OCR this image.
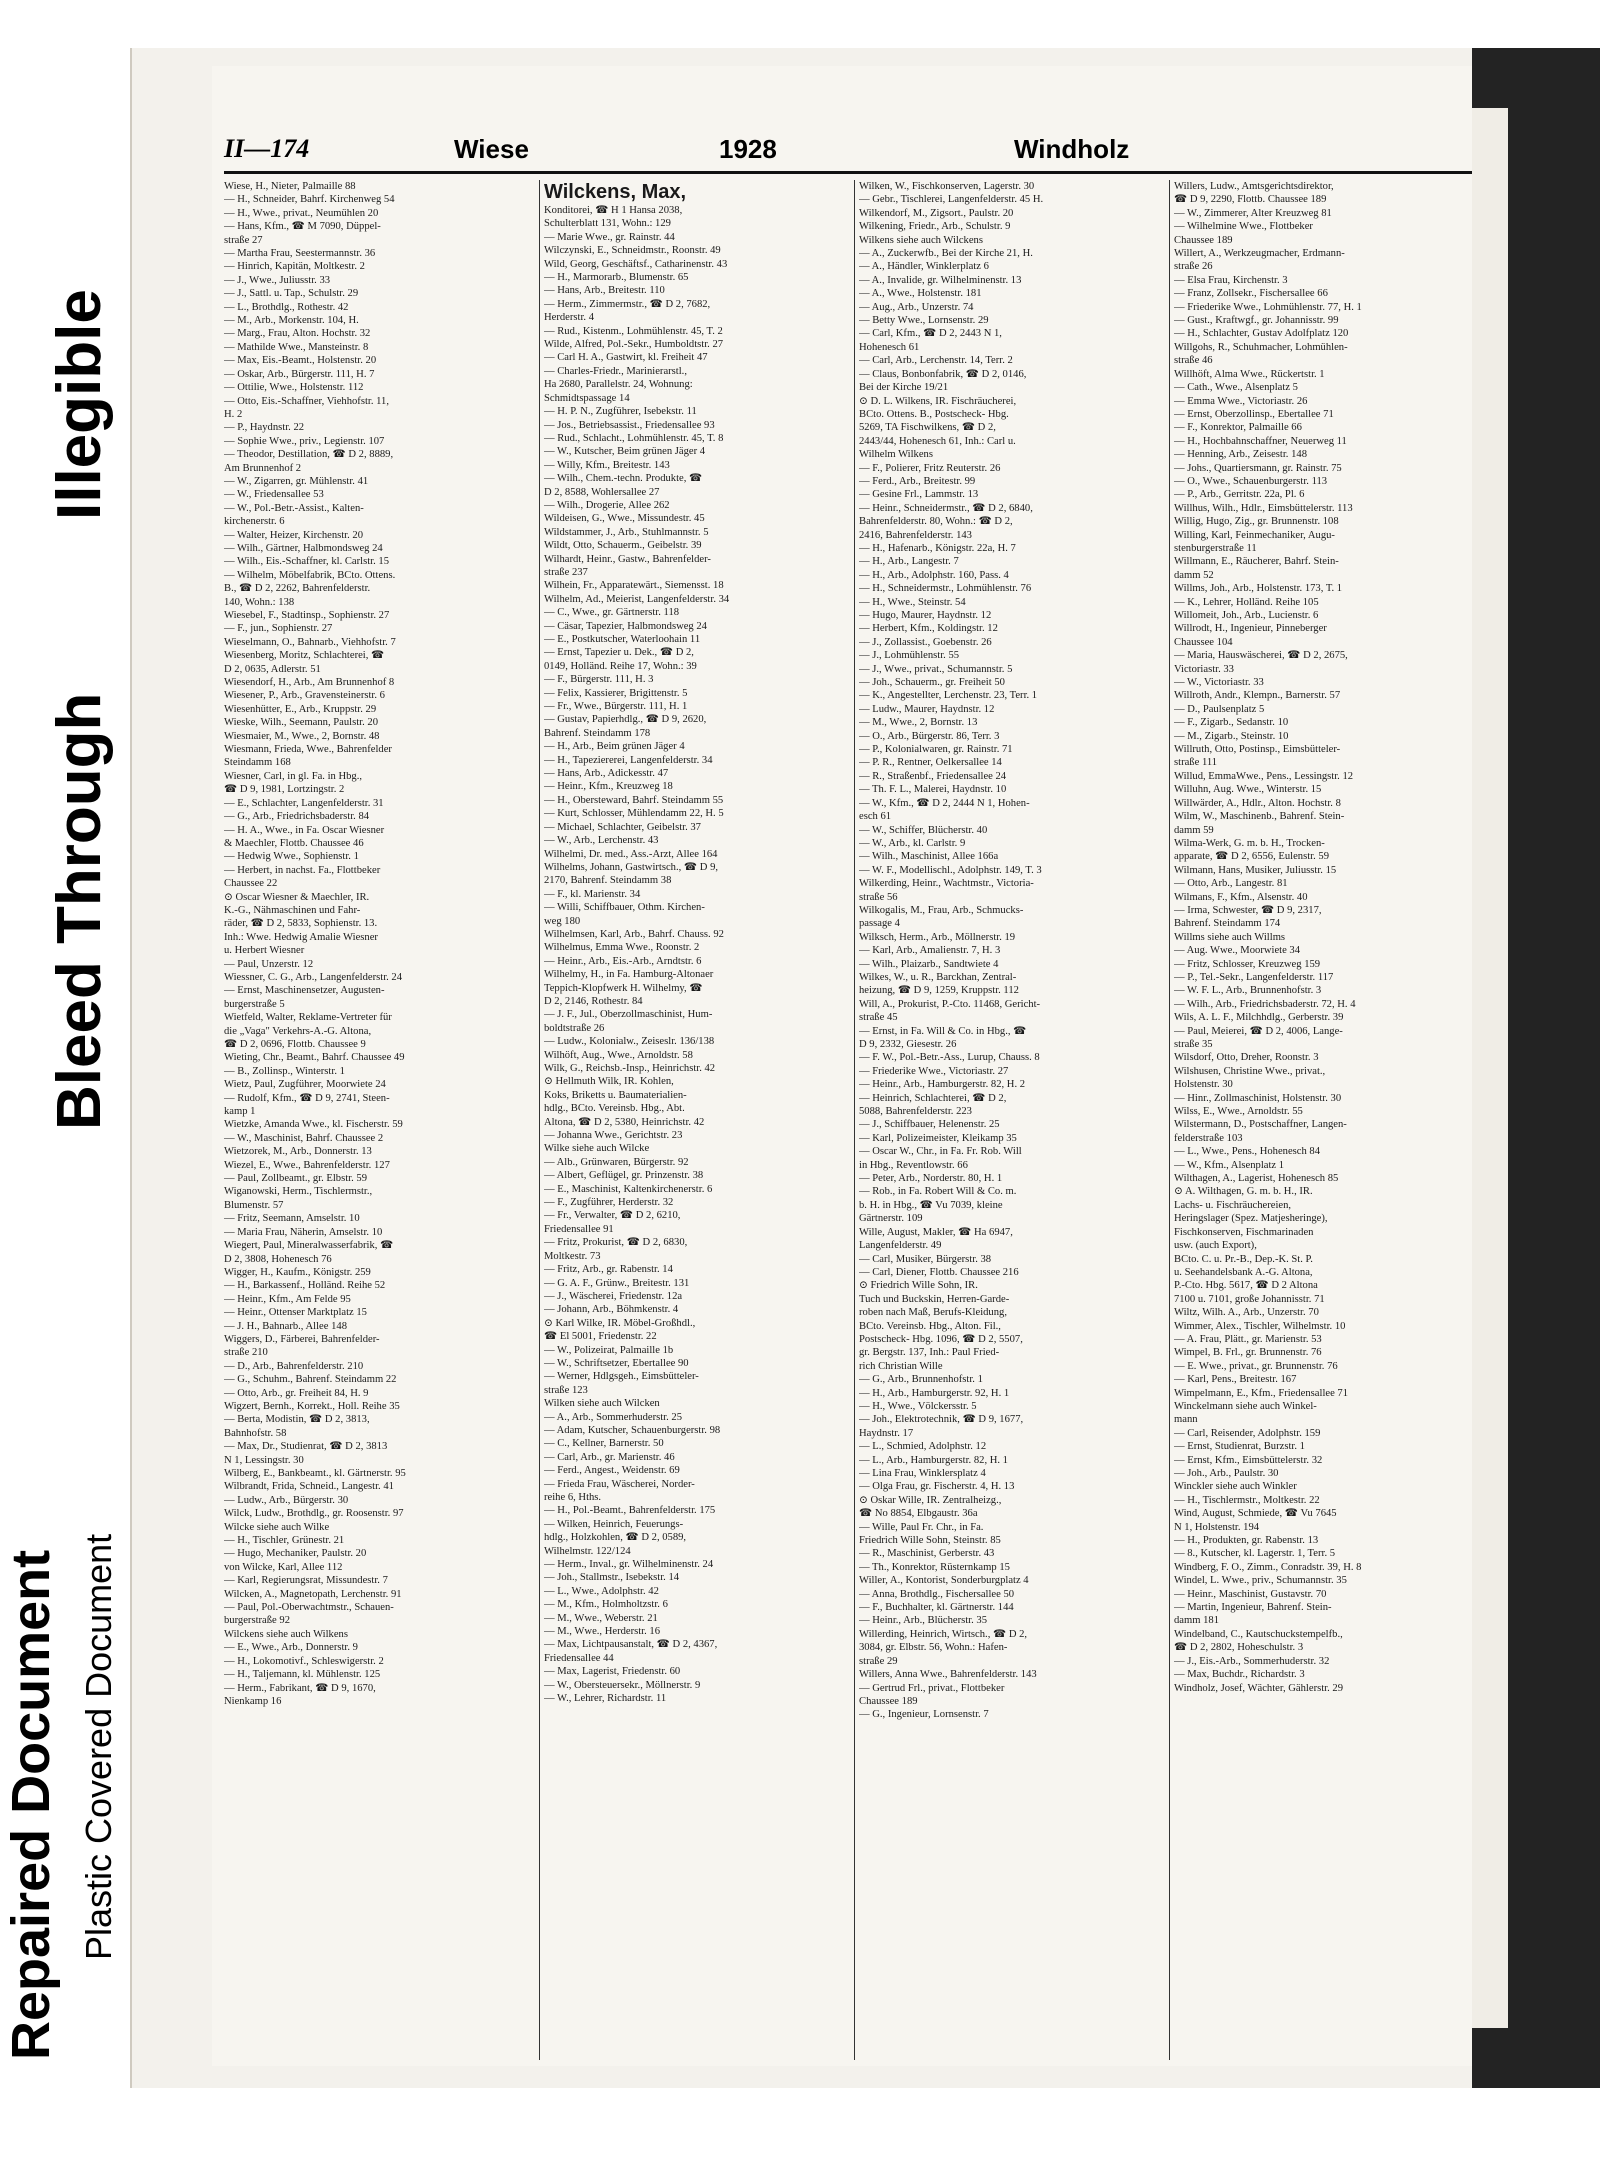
Repaired Document Plastic Covered Document
Bleed Through
Illegible
II—174	Wiese	1928	Windholz
Wiese, H., Nieter, Palmaille 88
— H., Schneider, Bahrf. Kirchenweg 54
— H., Wwe., privat., Neumühlen 20
— Hans, Kfm., ☎ M 7090, Düppel-
straße 27
— Martha Frau, Seestermannstr. 36
— Hinrich, Kapitän, Moltkestr. 2
— J., Wwe., Juliusstr. 33
— J., Sattl. u. Tap., Schulstr. 29
— L., Brothdlg., Rothestr. 42
— M., Arb., Morkenstr. 104, H.
— Marg., Frau, Alton. Hochstr. 32
— Mathilde Wwe., Mansteinstr. 8
— Max, Eis.-Beamt., Holstenstr. 20
— Oskar, Arb., Bürgerstr. 111, H. 7
— Ottilie, Wwe., Holstenstr. 112
— Otto, Eis.-Schaffner, Viehhofstr. 11,
H. 2
— P., Haydnstr. 22
— Sophie Wwe., priv., Legienstr. 107
— Theodor, Destillation, ☎ D 2, 8889,
Am Brunnenhof 2
— W., Zigarren, gr. Mühlenstr. 41
— W., Friedensallee 53
— W., Pol.-Betr.-Assist., Kalten-
kirchenerstr. 6
— Walter, Heizer, Kirchenstr. 20
— Wilh., Gärtner, Halbmondsweg 24
— Wilh., Eis.-Schaffner, kl. Carlstr. 15
— Wilhelm, Möbelfabrik, BCto. Ottens.
B., ☎ D 2, 2262, Bahrenfelderstr.
140, Wohn.: 138
Wiesebel, F., Stadtinsp., Sophienstr. 27
— F., jun., Sophienstr. 27
Wieselmann, O., Bahnarb., Viehhofstr. 7
Wiesenberg, Moritz, Schlachterei, ☎
D 2, 0635, Adlerstr. 51
Wiesendorf, H., Arb., Am Brunnenhof 8
Wiesener, P., Arb., Gravensteinerstr. 6
Wiesenhütter, E., Arb., Kruppstr. 29
Wieske, Wilh., Seemann, Paulstr. 20
Wiesmaier, M., Wwe., 2, Bornstr. 48
Wiesmann, Frieda, Wwe., Bahrenfelder
Steindamm 168
Wiesner, Carl, in gl. Fa. in Hbg.,
☎ D 9, 1981, Lortzingstr. 2
— E., Schlachter, Langenfelderstr. 31
— G., Arb., Friedrichsbaderstr. 84
— H. A., Wwe., in Fa. Oscar Wiesner
& Maechler, Flottb. Chaussee 46
— Hedwig Wwe., Sophienstr. 1
— Herbert, in nachst. Fa., Flottbeker
Chaussee 22
⊙ Oscar Wiesner & Maechler, IR.
K.-G., Nähmaschinen und Fahr-
räder, ☎ D 2, 5833, Sophienstr. 13.
Inh.: Wwe. Hedwig Amalie Wiesner
u. Herbert Wiesner
— Paul, Unzerstr. 12
Wiessner, C. G., Arb., Langenfelderstr. 24
— Ernst, Maschinensetzer, Augusten-
burgerstraße 5
Wietfeld, Walter, Reklame-Vertreter für
die „Vaga" Verkehrs-A.-G. Altona,
☎ D 2, 0696, Flottb. Chaussee 9
Wieting, Chr., Beamt., Bahrf. Chaussee 49
— B., Zollinsp., Winterstr. 1
Wietz, Paul, Zugführer, Moorwiete 24
— Rudolf, Kfm., ☎ D 9, 2741, Steen-
kamp 1
Wietzke, Amanda Wwe., kl. Fischerstr. 59
— W., Maschinist, Bahrf. Chaussee 2
Wietzorek, M., Arb., Donnerstr. 13
Wiezel, E., Wwe., Bahrenfelderstr. 127
— Paul, Zollbeamt., gr. Elbstr. 59
Wiganowski, Herm., Tischlermstr.,
Blumenstr. 57
— Fritz, Seemann, Amselstr. 10
— Maria Frau, Näherin, Amselstr. 10
Wiegert, Paul, Mineralwasserfabrik, ☎
D 2, 3808, Hohenesch 76
Wigger, H., Kaufm., Königstr. 259
— H., Barkassenf., Holländ. Reihe 52
— Heinr., Kfm., Am Felde 95
— Heinr., Ottenser Marktplatz 15
— J. H., Bahnarb., Allee 148
Wiggers, D., Färberei, Bahrenfelder-
straße 210
— D., Arb., Bahrenfelderstr. 210
— G., Schuhm., Bahrenf. Steindamm 22
— Otto, Arb., gr. Freiheit 84, H. 9
Wigzert, Bernh., Korrekt., Holl. Reihe 35
— Berta, Modistin, ☎ D 2, 3813,
Bahnhofstr. 58
— Max, Dr., Studienrat, ☎ D 2, 3813
N 1, Lessingstr. 30
Wilberg, E., Bankbeamt., kl. Gärtnerstr. 95
Wilbrandt, Frida, Schneid., Langestr. 41
— Ludw., Arb., Bürgerstr. 30
Wilck, Ludw., Brothdlg., gr. Roosenstr. 97
Wilcke siehe auch Wilke
— H., Tischler, Grünestr. 21
— Hugo, Mechaniker, Paulstr. 20
von Wilcke, Karl, Allee 112
— Karl, Regierungsrat, Missundestr. 7
Wilcken, A., Magnetopath, Lerchenstr. 91
— Paul, Pol.-Oberwachtmstr., Schauen-
burgerstraße 92
Wilckens siehe auch Wilkens
— E., Wwe., Arb., Donnerstr. 9
— H., Lokomotivf., Schleswigerstr. 2
— H., Taljemann, kl. Mühlenstr. 125
— Herm., Fabrikant, ☎ D 9, 1670,
Nienkamp 16
Wilckens, Max,
Konditorei, ☎ H 1 Hansa 2038,
Schulterblatt 131, Wohn.: 129
— Marie Wwe., gr. Rainstr. 44
Wilczynski, E., Schneidmstr., Roonstr. 49
Wild, Georg, Geschäftsf., Catharinenstr. 43
— H., Marmorarb., Blumenstr. 65
— Hans, Arb., Breitestr. 110
— Herm., Zimmermstr., ☎ D 2, 7682,
Herderstr. 4
— Rud., Kistenm., Lohmühlenstr. 45, T. 2
Wilde, Alfred, Pol.-Sekr., Humboldtstr. 27
— Carl H. A., Gastwirt, kl. Freiheit 47
— Charles-Friedr., Marinierarstl.,
Ha 2680, Parallelstr. 24, Wohnung:
Schmidtspassage 14
— H. P. N., Zugführer, Isebekstr. 11
— Jos., Betriebsassist., Friedensallee 93
— Rud., Schlacht., Lohmühlenstr. 45, T. 8
— W., Kutscher, Beim grünen Jäger 4
— Willy, Kfm., Breitestr. 143
— Wilh., Chem.-techn. Produkte, ☎
D 2, 8588, Wohlersallee 27
— Wilh., Drogerie, Allee 262
Wildeisen, G., Wwe., Missundestr. 45
Wildstammer, J., Arb., Stuhlmannstr. 5
Wildt, Otto, Schauerm., Geibelstr. 39
Wilhardt, Heinr., Gastw., Bahrenfelder-
straße 237
Wilhein, Fr., Apparatewärt., Siemensst. 18
Wilhelm, Ad., Meierist, Langenfelderstr. 34
— C., Wwe., gr. Gärtnerstr. 118
— Cäsar, Tapezier, Halbmondsweg 24
— E., Postkutscher, Waterloohain 11
— Ernst, Tapezier u. Dek., ☎ D 2,
0149, Holländ. Reihe 17, Wohn.: 39
— F., Bürgerstr. 111, H. 3
— Felix, Kassierer, Brigittenstr. 5
— Fr., Wwe., Bürgerstr. 111, H. 1
— Gustav, Papierhdlg., ☎ D 9, 2620,
Bahrenf. Steindamm 178
— H., Arb., Beim grünen Jäger 4
— H., Tapeziererei, Langenfelderstr. 34
— Hans, Arb., Adickesstr. 47
— Heinr., Kfm., Kreuzweg 18
— H., Obersteward, Bahrf. Steindamm 55
— Kurt, Schlosser, Mühlendamm 22, H. 5
— Michael, Schlachter, Geibelstr. 37
— W., Arb., Lerchenstr. 43
Wilhelmi, Dr. med., Ass.-Arzt, Allee 164
Wilhelms, Johann, Gastwirtsch., ☎ D 9,
2170, Bahrenf. Steindamm 38
— F., kl. Marienstr. 34
— Willi, Schiffbauer, Othm. Kirchen-
weg 180
Wilhelmsen, Karl, Arb., Bahrf. Chauss. 92
Wilhelmus, Emma Wwe., Roonstr. 2
— Heinr., Arb., Eis.-Arb., Arndtstr. 6
Wilhelmy, H., in Fa. Hamburg-Altonaer
Teppich-Klopfwerk H. Wilhelmy, ☎
D 2, 2146, Rothestr. 84
— J. F., Jul., Oberzollmaschinist, Hum-
boldtstraße 26
— Ludw., Kolonialw., Zeiseslr. 136/138
Wilhöft, Aug., Wwe., Arnoldstr. 58
Wilk, G., Reichsb.-Insp., Heinrichstr. 42
⊙ Hellmuth Wilk, IR. Kohlen,
Koks, Briketts u. Baumaterialien-
hdlg., BCto. Vereinsb. Hbg., Abt.
Altona, ☎ D 2, 5380, Heinrichstr. 42
— Johanna Wwe., Gerichtstr. 23
Wilke siehe auch Wilcke
— Alb., Grünwaren, Bürgerstr. 92
— Albert, Geflügel, gr. Prinzenstr. 38
— E., Maschinist, Kaltenkirchenerstr. 6
— F., Zugführer, Herderstr. 32
— Fr., Verwalter, ☎ D 2, 6210,
Friedensallee 91
— Fritz, Prokurist, ☎ D 2, 6830,
Moltkestr. 73
— Fritz, Arb., gr. Rabenstr. 14
— G. A. F., Grünw., Breitestr. 131
— J., Wäscherei, Friedenstr. 12a
— Johann, Arb., Böhmkenstr. 4
⊙ Karl Wilke, IR. Möbel-Großhdl.,
☎ El 5001, Friedenstr. 22
— W., Polizeirat, Palmaille 1b
— W., Schriftsetzer, Ebertallee 90
— Werner, Hdlgsgeh., Eimsbütteler-
straße 123
Wilken siehe auch Wilcken
— A., Arb., Sommerhuderstr. 25
— Adam, Kutscher, Schauenburgerstr. 98
— C., Kellner, Barnerstr. 50
— Carl, Arb., gr. Marienstr. 46
— Ferd., Angest., Weidenstr. 69
— Frieda Frau, Wäscherei, Norder-
reihe 6, Hths.
— H., Pol.-Beamt., Bahrenfelderstr. 175
— Wilken, Heinrich, Feuerungs-
hdlg., Holzkohlen, ☎ D 2, 0589,
Wilhelmstr. 122/124
— Herm., Inval., gr. Wilhelminenstr. 24
— Joh., Stallmstr., Isebekstr. 14
— L., Wwe., Adolphstr. 42
— M., Kfm., Holmholtzstr. 6
— M., Wwe., Weberstr. 21
— M., Wwe., Herderstr. 16
— Max, Lichtpausanstalt, ☎ D 2, 4367,
Friedensallee 44
— Max, Lagerist, Friedenstr. 60
— W., Obersteuersekr., Möllnerstr. 9
— W., Lehrer, Richardstr. 11
Wilken, W., Fischkonserven, Lagerstr. 30
— Gebr., Tischlerei, Langenfelderstr. 45 H.
Wilkendorf, M., Zigsort., Paulstr. 20
Wilkening, Friedr., Arb., Schulstr. 9
Wilkens siehe auch Wilckens
— A., Zuckerwfb., Bei der Kirche 21, H.
— A., Händler, Winklerplatz 6
— A., Invalide, gr. Wilhelminenstr. 13
— A., Wwe., Holstenstr. 181
— Aug., Arb., Unzerstr. 74
— Betty Wwe., Lornsenstr. 29
— Carl, Kfm., ☎ D 2, 2443 N 1,
Hohenesch 61
— Carl, Arb., Lerchenstr. 14, Terr. 2
— Claus, Bonbonfabrik, ☎ D 2, 0146,
Bei der Kirche 19/21
⊙ D. L. Wilkens, IR. Fischräucherei,
BCto. Ottens. B., Postscheck- Hbg.
5269, TA Fischwilkens, ☎ D 2,
2443/44, Hohenesch 61, Inh.: Carl u.
Wilhelm Wilkens
— F., Polierer, Fritz Reuterstr. 26
— Ferd., Arb., Breitestr. 99
— Gesine Frl., Lammstr. 13
— Heinr., Schneidermstr., ☎ D 2, 6840,
Bahrenfelderstr. 80, Wohn.: ☎ D 2,
2416, Bahrenfelderstr. 143
— H., Hafenarb., Königstr. 22a, H. 7
— H., Arb., Langestr. 7
— H., Arb., Adolphstr. 160, Pass. 4
— H., Schneidermstr., Lohmühlenstr. 76
— H., Wwe., Steinstr. 54
— Hugo, Maurer, Haydnstr. 12
— Herbert, Kfm., Koldingstr. 12
— J., Zollassist., Goebenstr. 26
— J., Lohmühlenstr. 55
— J., Wwe., privat., Schumannstr. 5
— Joh., Schauerm., gr. Freiheit 50
— K., Angestellter, Lerchenstr. 23, Terr. 1
— Ludw., Maurer, Haydnstr. 12
— M., Wwe., 2, Bornstr. 13
— O., Arb., Bürgerstr. 86, Terr. 3
— P., Kolonialwaren, gr. Rainstr. 71
— P. R., Rentner, Oelkersallee 14
— R., Straßenbf., Friedensallee 24
— Th. F. L., Malerei, Haydnstr. 10
— W., Kfm., ☎ D 2, 2444 N 1, Hohen-
esch 61
— W., Schiffer, Blücherstr. 40
— W., Arb., kl. Carlstr. 9
— Wilh., Maschinist, Allee 166a
— W. F., Modellischl., Adolphstr. 149, T. 3
Wilkerding, Heinr., Wachtmstr., Victoria-
straße 56
Wilkogalis, M., Frau, Arb., Schmucks-
passage 4
Wilksch, Herm., Arb., Möllnerstr. 19
— Karl, Arb., Amalienstr. 7, H. 3
— Wilh., Plaizarb., Sandtwiete 4
Wilkes, W., u. R., Barckhan, Zentral-
heizung, ☎ D 9, 1259, Kruppstr. 112
Will, A., Prokurist, P.-Cto. 11468, Gericht-
straße 45
— Ernst, in Fa. Will & Co. in Hbg., ☎
D 9, 2332, Giesestr. 26
— F. W., Pol.-Betr.-Ass., Lurup, Chauss. 8
— Friederike Wwe., Victoriastr. 27
— Heinr., Arb., Hamburgerstr. 82, H. 2
— Heinrich, Schlachterei, ☎ D 2,
5088, Bahrenfelderstr. 223
— J., Schiffbauer, Helenenstr. 25
— Karl, Polizeimeister, Kleikamp 35
— Oscar W., Chr., in Fa. Fr. Rob. Will
in Hbg., Reventlowstr. 66
— Peter, Arb., Norderstr. 80, H. 1
— Rob., in Fa. Robert Will & Co. m.
b. H. in Hbg., ☎ Vu 7039, kleine
Gärtnerstr. 109
Wille, August, Makler, ☎ Ha 6947,
Langenfelderstr. 49
— Carl, Musiker, Bürgerstr. 38
— Carl, Diener, Flottb. Chaussee 216
⊙ Friedrich Wille Sohn, IR.
Tuch und Buckskin, Herren-Garde-
roben nach Maß, Berufs-Kleidung,
BCto. Vereinsb. Hbg., Alton. Fil.,
Postscheck- Hbg. 1096, ☎ D 2, 5507,
gr. Bergstr. 137, Inh.: Paul Fried-
rich Christian Wille
— G., Arb., Brunnenhofstr. 1
— H., Arb., Hamburgerstr. 92, H. 1
— H., Wwe., Völckersstr. 5
— Joh., Elektrotechnik, ☎ D 9, 1677,
Haydnstr. 17
— L., Schmied, Adolphstr. 12
— L., Arb., Hamburgerstr. 82, H. 1
— Lina Frau, Winklersplatz 4
— Olga Frau, gr. Fischerstr. 4, H. 13
⊙ Oskar Wille, IR. Zentralheizg.,
☎ No 8854, Elbgaustr. 36a
— Wille, Paul Fr. Chr., in Fa.
Friedrich Wille Sohn, Steinstr. 85
— R., Maschinist, Gerberstr. 43
— Th., Konrektor, Rüsternkamp 15
Willer, A., Kontorist, Sonderburgplatz 4
— Anna, Brothdlg., Fischersallee 50
— F., Buchhalter, kl. Gärtnerstr. 144
— Heinr., Arb., Blücherstr. 35
Willerding, Heinrich, Wirtsch., ☎ D 2,
3084, gr. Elbstr. 56, Wohn.: Hafen-
straße 29
Willers, Anna Wwe., Bahrenfelderstr. 143
— Gertrud Frl., privat., Flottbeker
Chaussee 189
— G., Ingenieur, Lornsenstr. 7
Willers, Ludw., Amtsgerichtsdirektor,
☎ D 9, 2290, Flottb. Chaussee 189
— W., Zimmerer, Alter Kreuzweg 81
— Wilhelmine Wwe., Flottbeker
Chaussee 189
Willert, A., Werkzeugmacher, Erdmann-
straße 26
— Elsa Frau, Kirchenstr. 3
— Franz, Zollsekr., Fischersallee 66
— Friederike Wwe., Lohmühlenstr. 77, H. 1
— Gust., Kraftwgf., gr. Johannisstr. 99
— H., Schlachter, Gustav Adolfplatz 120
Willgohs, R., Schuhmacher, Lohmühlen-
straße 46
Willhöft, Alma Wwe., Rückertstr. 1
— Cath., Wwe., Alsenplatz 5
— Emma Wwe., Victoriastr. 26
— Ernst, Oberzollinsp., Ebertallee 71
— F., Konrektor, Palmaille 66
— H., Hochbahnschaffner, Neuerweg 11
— Henning, Arb., Zeisestr. 148
— Johs., Quartiersmann, gr. Rainstr. 75
— O., Wwe., Schauenburgerstr. 113
— P., Arb., Gerritstr. 22a, Pl. 6
Willhus, Wilh., Hdlr., Eimsbüttelerstr. 113
Willig, Hugo, Zig., gr. Brunnenstr. 108
Willing, Karl, Feinmechaniker, Augu-
stenburgerstraße 11
Willmann, E., Räucherer, Bahrf. Stein-
damm 52
Willms, Joh., Arb., Holstenstr. 173, T. 1
— K., Lehrer, Holländ. Reihe 105
Willomeit, Joh., Arb., Lucienstr. 6
Willrodt, H., Ingenieur, Pinneberger
Chaussee 104
— Maria, Hauswäscherei, ☎ D 2, 2675,
Victoriastr. 33
— W., Victoriastr. 33
Willroth, Andr., Klempn., Barnerstr. 57
— D., Paulsenplatz 5
— F., Zigarb., Sedanstr. 10
— M., Zigarb., Steinstr. 10
Willruth, Otto, Postinsp., Eimsbütteler-
straße 111
Willud, EmmaWwe., Pens., Lessingstr. 12
Willuhn, Aug. Wwe., Winterstr. 15
Willwärder, A., Hdlr., Alton. Hochstr. 8
Wilm, W., Maschinenb., Bahrenf. Stein-
damm 59
Wilma-Werk, G. m. b. H., Trocken-
apparate, ☎ D 2, 6556, Eulenstr. 59
Wilmann, Hans, Musiker, Juliusstr. 15
— Otto, Arb., Langestr. 81
Wilmans, F., Kfm., Alsenstr. 40
— Irma, Schwester, ☎ D 9, 2317,
Bahrenf. Steindamm 174
Willms siehe auch Willms
— Aug. Wwe., Moorwiete 34
— Fritz, Schlosser, Kreuzweg 159
— P., Tel.-Sekr., Langenfelderstr. 117
— W. F. L., Arb., Brunnenhofstr. 3
— Wilh., Arb., Friedrichsbaderstr. 72, H. 4
Wils, A. L. F., Milchhdlg., Gerberstr. 39
— Paul, Meierei, ☎ D 2, 4006, Lange-
straße 35
Wilsdorf, Otto, Dreher, Roonstr. 3
Wilshusen, Christine Wwe., privat.,
Holstenstr. 30
— Hinr., Zollmaschinist, Holstenstr. 30
Wilss, E., Wwe., Arnoldstr. 55
Wilstermann, D., Postschaffner, Langen-
felderstraße 103
— L., Wwe., Pens., Hohenesch 84
— W., Kfm., Alsenplatz 1
Wilthagen, A., Lagerist, Hohenesch 85
⊙ A. Wilthagen, G. m. b. H., IR.
Lachs- u. Fischräuchereien,
Heringslager (Spez. Matjesheringe),
Fischkonserven, Fischmarinaden
usw. (auch Export),
BCto. C. u. Pr.-B., Dep.-K. St. P.
u. Seehandelsbank A.-G. Altona,
P.-Cto. Hbg. 5617, ☎ D 2 Altona
7100 u. 7101, große Johannisstr. 71
Wiltz, Wilh. A., Arb., Unzerstr. 70
Wimmer, Alex., Tischler, Wilhelmstr. 10
— A. Frau, Plätt., gr. Marienstr. 53
Wimpel, B. Frl., gr. Brunnenstr. 76
— E. Wwe., privat., gr. Brunnenstr. 76
— Karl, Pens., Breitestr. 167
Wimpelmann, E., Kfm., Friedensallee 71
Winckelmann siehe auch Winkel-
mann
— Carl, Reisender, Adolphstr. 159
— Ernst, Studienrat, Burzstr. 1
— Ernst, Kfm., Eimsbüttelerstr. 32
— Joh., Arb., Paulstr. 30
Winckler siehe auch Winkler
— H., Tischlermstr., Moltkestr. 22
Wind, August, Schmiede, ☎ Vu 7645
N 1, Holstenstr. 194
— H., Produkten, gr. Rabenstr. 13
— 8., Kutscher, kl. Lagerstr. 1, Terr. 5
Windberg, F. O., Zimm., Conradstr. 39, H. 8
Windel, L. Wwe., priv., Schumannstr. 35
— Heinr., Maschinist, Gustavstr. 70
— Martin, Ingenieur, Bahrenf. Stein-
damm 181
Windelband, C., Kautschuckstempelfb.,
☎ D 2, 2802, Hoheschulstr. 3
— J., Eis.-Arb., Sommerhuderstr. 32
— Max, Buchdr., Richardstr. 3
Windholz, Josef, Wächter, Gählerstr. 29
